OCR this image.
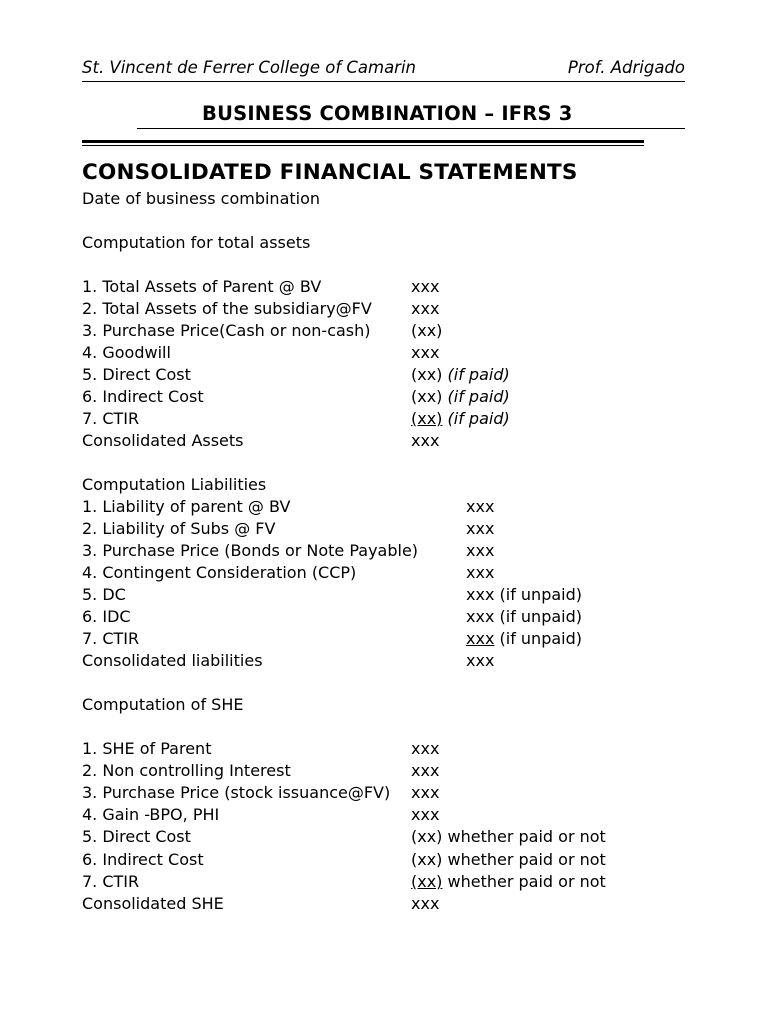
St. Vincent de Ferrer College of Camarin	Prof. Adrigado
BUSINESS COMBINATION – IFRS 3
CONSOLIDATED FINANCIAL STATEMENTS
Date of business combination
Computation for total assets
1. Total Assets of Parent @ BV	xxx
2. Total Assets of the subsidiary@FV xxx
3. Purchase Price(Cash or non-cash)	(xx)
4. Goodwill	xxx
5. Direct Cost	(xx) (if paid)
6. Indirect Cost	(xx) (if paid)
7. CTIR	(xx) (if paid)
Consolidated Assets	xxx
Computation Liabilities
1. Liability of parent @ BV	xxx
2. Liability of Subs @ FV	xxx
3. Purchase Price (Bonds or Note Payable)	xxx
4. Contingent Consideration (CCP)	xxx
5. DC	xxx (if unpaid)
6. IDC	xxx (if unpaid)
7. CTIR	xxx (if unpaid)
Consolidated liabilities	xxx
Computation of SHE
1. SHE of Parent	xxx
2. Non controlling Interest	xxx
3. Purchase Price (stock issuance@FV) xxx
4. Gain -BPO, PHI	xxx
5. Direct Cost	(xx) whether paid or not
6. Indirect Cost	(xx) whether paid or not
7. CTIR	(xx) whether paid or not
Consolidated SHE	xxx
